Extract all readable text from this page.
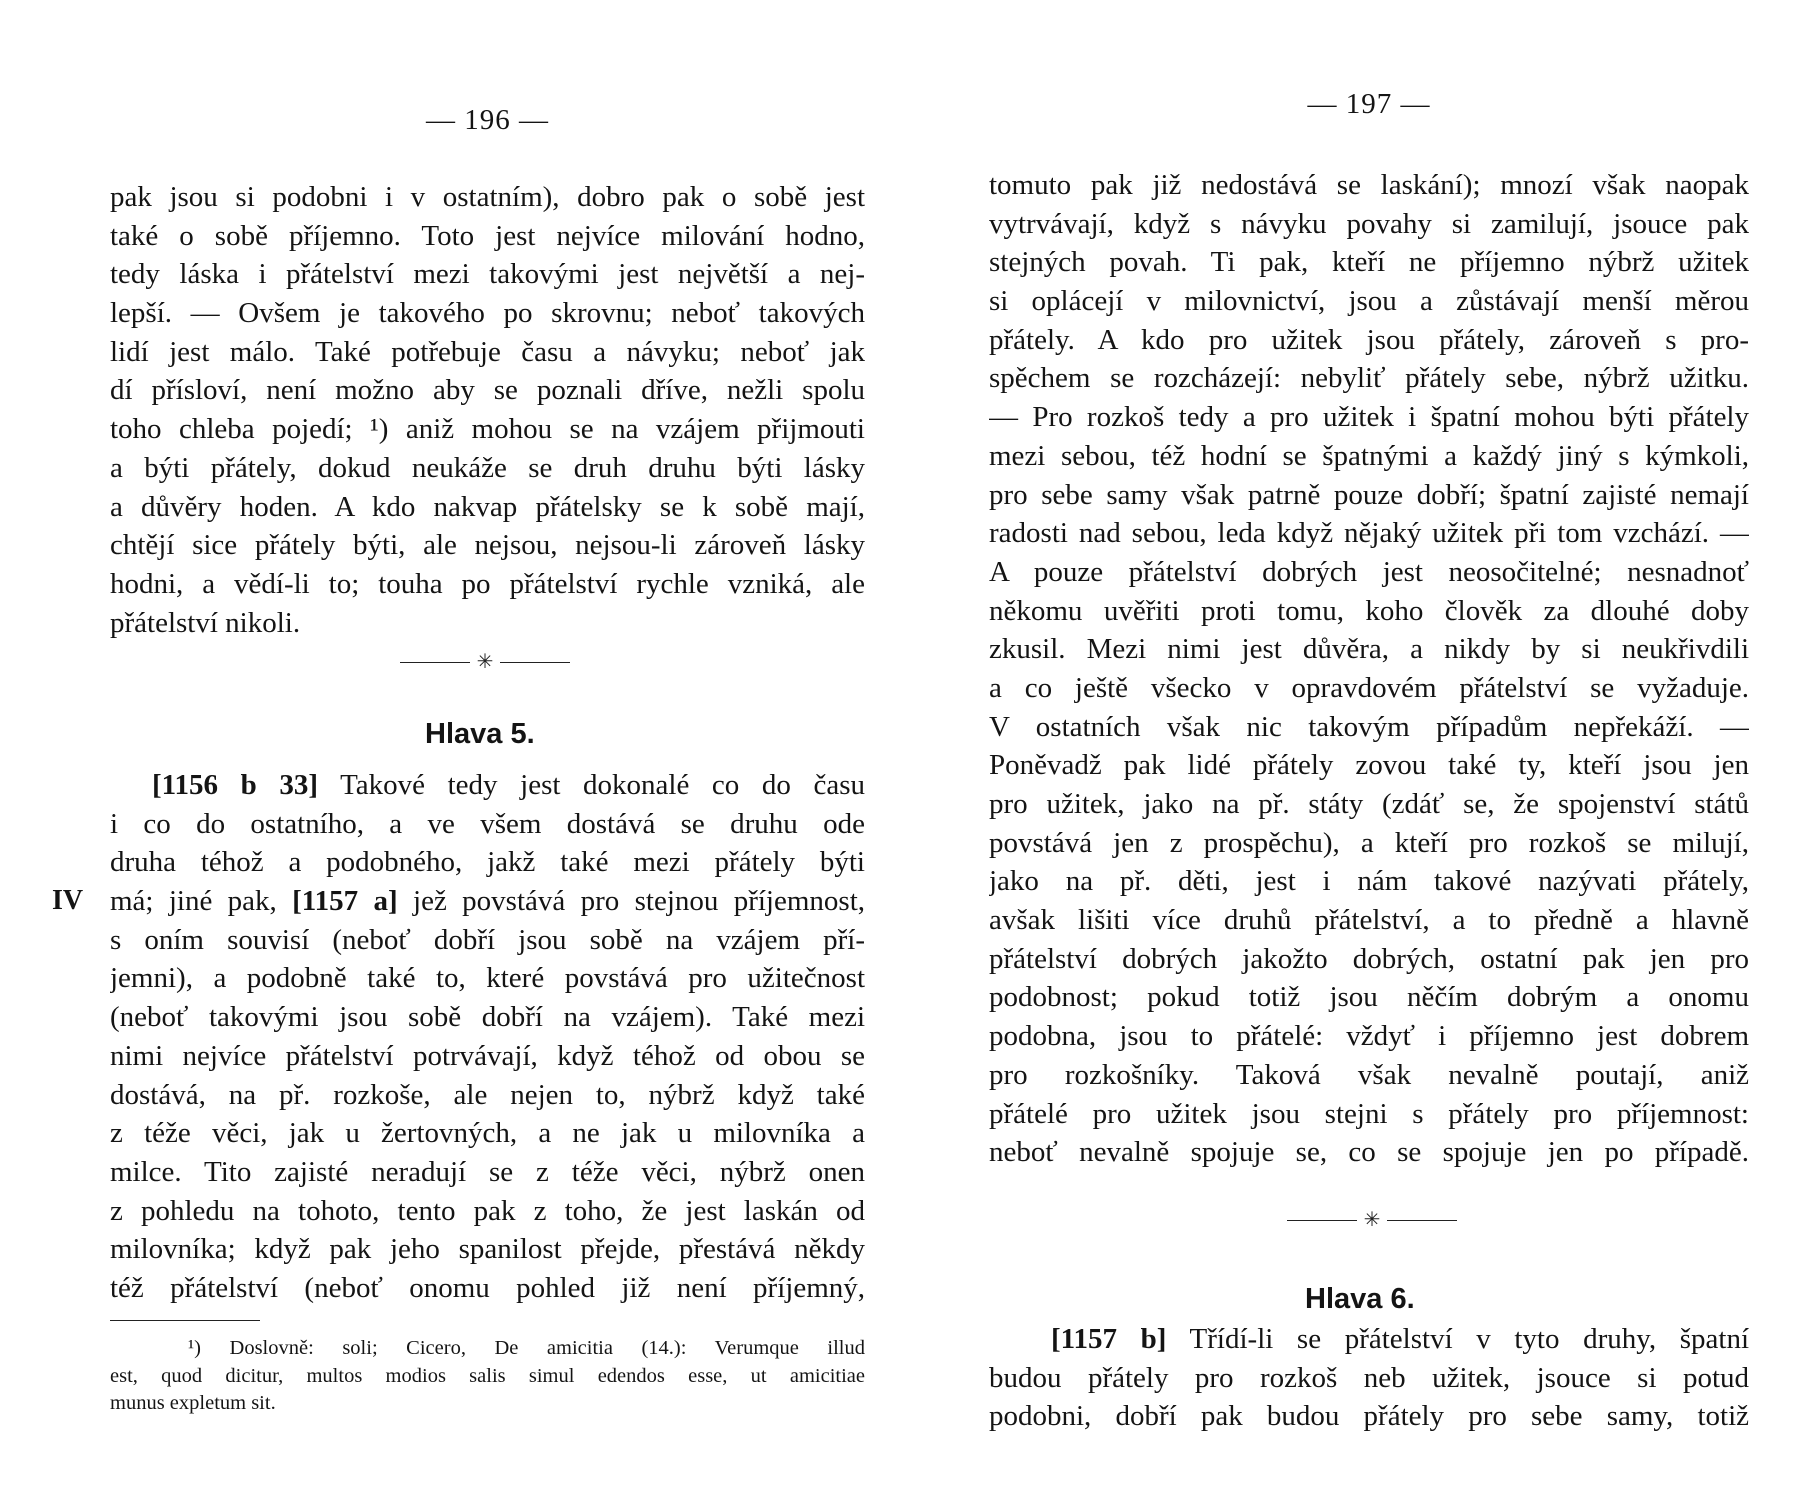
— 196 —
pak jsou si podobni i v ostatním), dobro pak o sobě jest
také o sobě příjemno. Toto jest nejvíce milování hodno,
tedy láska i přátelství mezi takovými jest největší a nej-
lepší. — Ovšem je takového po skrovnu; neboť takových
lidí jest málo. Také potřebuje času a návyku; neboť jak
dí přísloví, není možno aby se poznali dříve, nežli spolu
toho chleba pojedí; ¹) aniž mohou se na vzájem přijmouti
a býti přátely, dokud neukáže se druh druhu býti lásky
a důvěry hoden. A kdo nakvap přátelsky se k sobě mají,
chtějí sice přátely býti, ale nejsou, nejsou-li zároveň lásky
hodni, a vědí-li to; touha po přátelství rychle vzniká, ale
přátelství nikoli.
✳
Hlava 5.
IV
[1156 b 33] Takové tedy jest dokonalé co do času
i co do ostatního, a ve všem dostává se druhu ode
druha téhož a podobného, jakž také mezi přátely býti
má; jiné pak, [1157 a] jež povstává pro stejnou příjemnost,
s oním souvisí (neboť dobří jsou sobě na vzájem pří-
jemni), a podobně také to, které povstává pro užitečnost
(neboť takovými jsou sobě dobří na vzájem). Také mezi
nimi nejvíce přátelství potrvávají, když téhož od obou se
dostává, na př. rozkoše, ale nejen to, nýbrž když také
z téže věci, jak u žertovných, a ne jak u milovníka a
milce. Tito zajisté neradují se z téže věci, nýbrž onen
z pohledu na tohoto, tento pak z toho, že jest laskán od
milovníka; když pak jeho spanilost přejde, přestává někdy
též přátelství (neboť onomu pohled již není příjemný,
¹) Doslovně: soli; Cicero, De amicitia (14.): Verumque illud
est, quod dicitur, multos modios salis simul edendos esse, ut amicitiae
munus expletum sit.
— 197 —
tomuto pak již nedostává se laskání); mnozí však naopak
vytrvávají, když s návyku povahy si zamilují, jsouce pak
stejných povah. Ti pak, kteří ne příjemno nýbrž užitek
si oplácejí v milovnictví, jsou a zůstávají menší měrou
přátely. A kdo pro užitek jsou přátely, zároveň s pro-
spěchem se rozcházejí: nebyliť přátely sebe, nýbrž užitku.
— Pro rozkoš tedy a pro užitek i špatní mohou býti přátely
mezi sebou, též hodní se špatnými a každý jiný s kýmkoli,
pro sebe samy však patrně pouze dobří; špatní zajisté nemají
radosti nad sebou, leda když nějaký užitek při tom vzchází. —
A pouze přátelství dobrých jest neosočitelné; nesnadnoť
někomu uvěřiti proti tomu, koho člověk za dlouhé doby
zkusil. Mezi nimi jest důvěra, a nikdy by si neukřivdili
a co ještě všecko v opravdovém přátelství se vyžaduje.
V ostatních však nic takovým případům nepřekáží. —
Poněvadž pak lidé přátely zovou také ty, kteří jsou jen
pro užitek, jako na př. státy (zdáť se, že spojenství států
povstává jen z prospěchu), a kteří pro rozkoš se milují,
jako na př. děti, jest i nám takové nazývati přátely,
avšak lišiti více druhů přátelství, a to předně a hlavně
přátelství dobrých jakožto dobrých, ostatní pak jen pro
podobnost; pokud totiž jsou něčím dobrým a onomu
podobna, jsou to přátelé: vždyť i příjemno jest dobrem
pro rozkošníky. Taková však nevalně poutají, aniž
přátelé pro užitek jsou stejni s přátely pro příjemnost:
neboť nevalně spojuje se, co se spojuje jen po případě.
✳
Hlava 6.
[1157 b] Třídí-li se přátelství v tyto druhy, špatní
budou přátely pro rozkoš neb užitek, jsouce si potud
podobni, dobří pak budou přátely pro sebe samy, totiž
